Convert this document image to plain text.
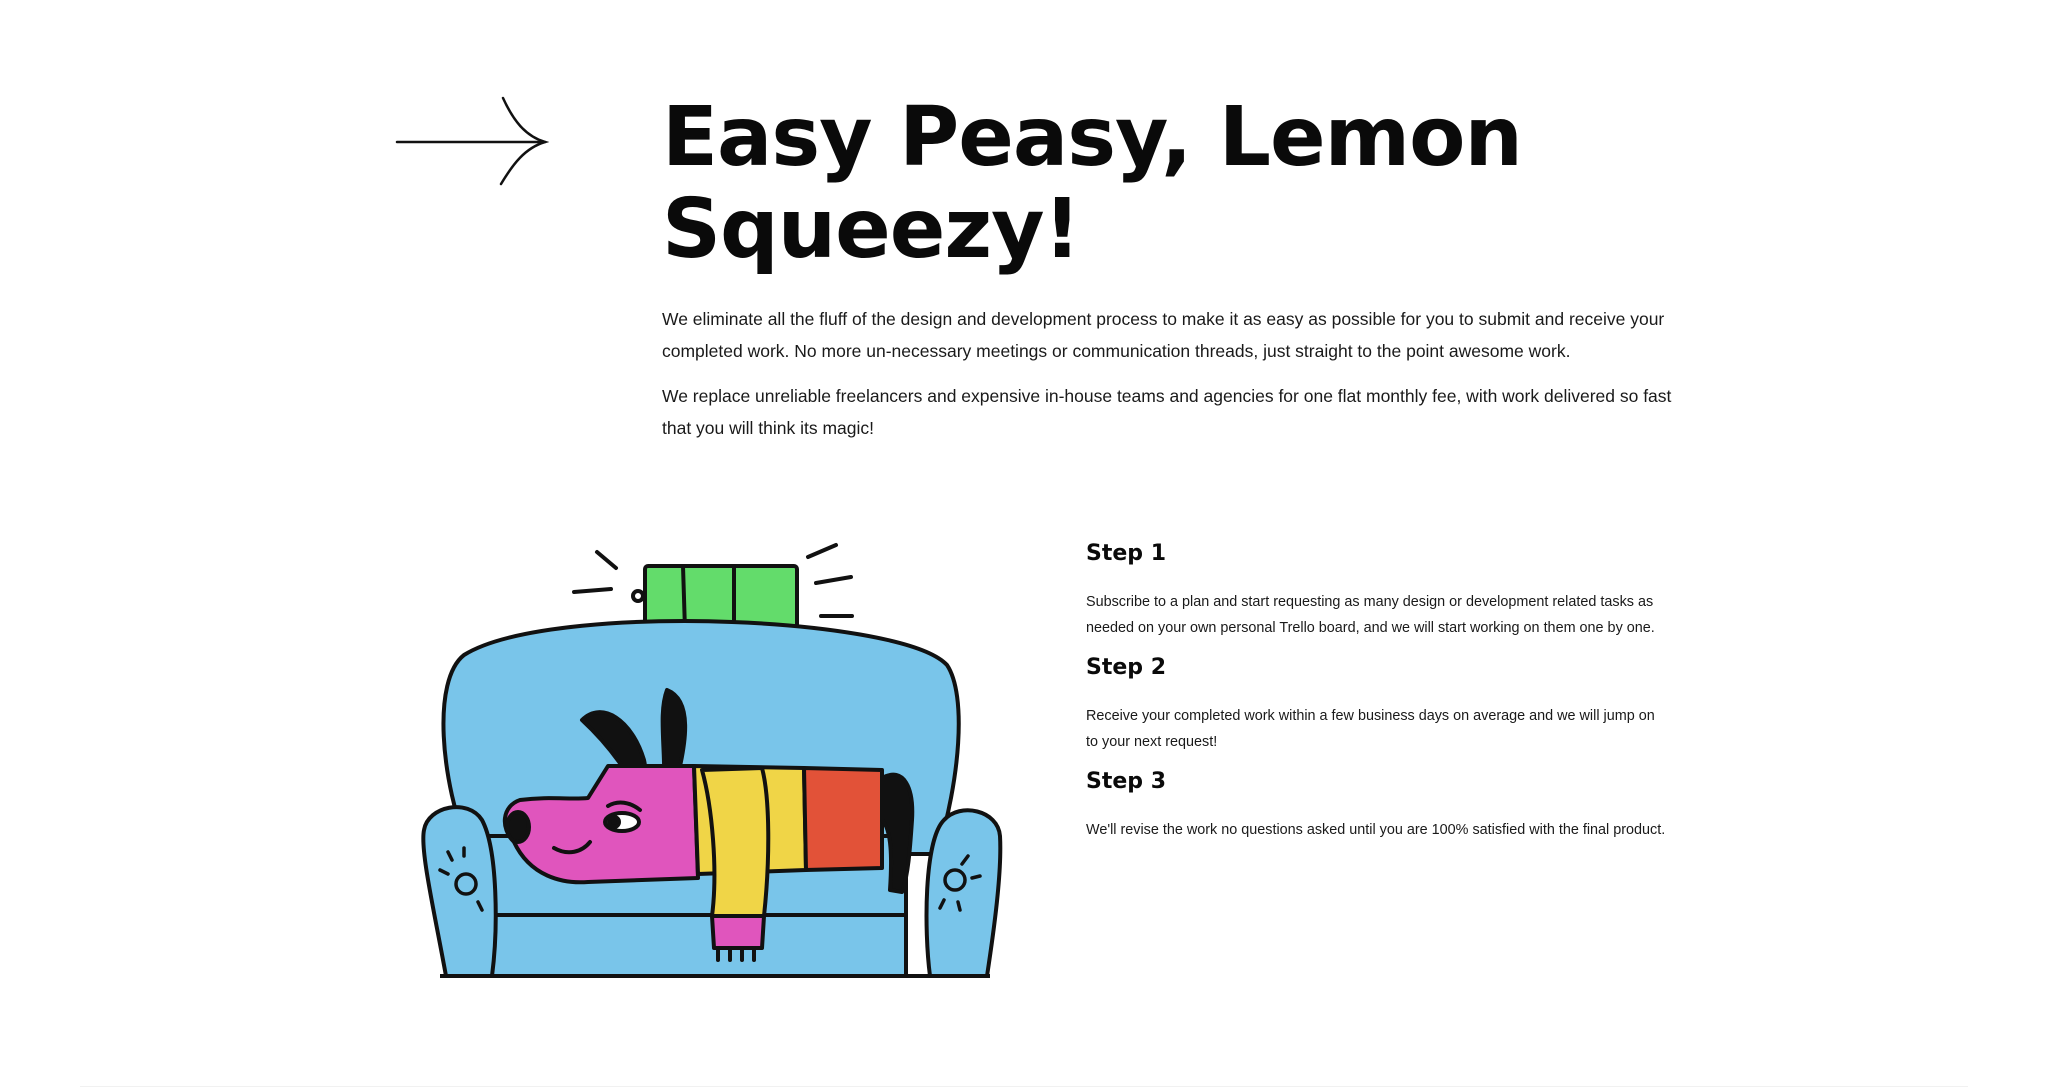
Easy Peasy, Lemon Squeezy!

We eliminate all the fluff of the design and development process to make it as easy as possible for you to submit and receive your completed work. No more un-necessary meetings or communication threads, just straight to the point awesome work.

We replace unreliable freelancers and expensive in-house teams and agencies for one flat monthly fee, with work delivered so fast that you will think its magic!

Step 1

Subscribe to a plan and start requesting as many design or development related tasks as needed on your own personal Trello board, and we will start working on them one by one.

Step 2

Receive your completed work within a few business days on average and we will jump on to your next request!

Step 3

We'll revise the work no questions asked until you are 100% satisfied with the final product.
